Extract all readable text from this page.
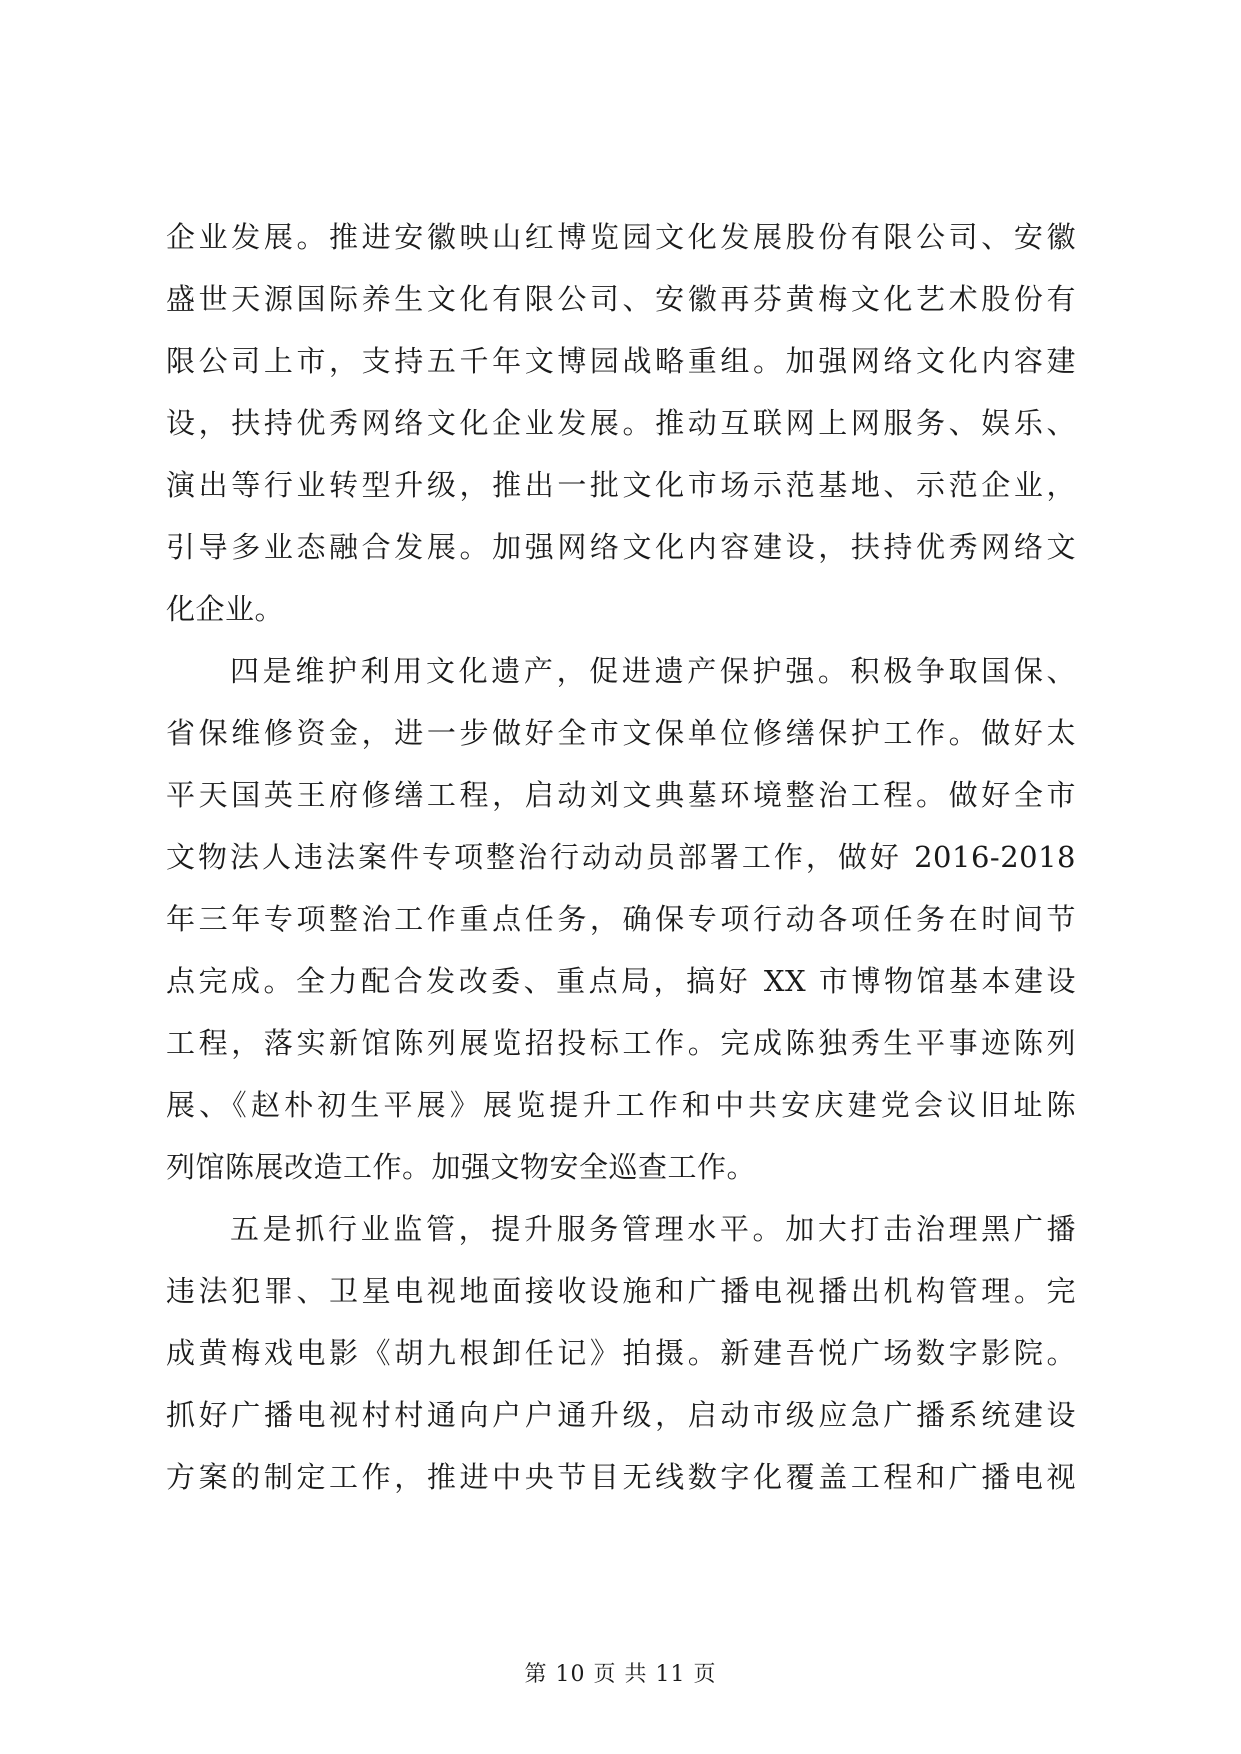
企业发展。推进安徽映山红博览园文化发展股份有限公司、安徽
盛世天源国际养生文化有限公司、安徽再芬黄梅文化艺术股份有
限公司上市，支持五千年文博园战略重组。加强网络文化内容建
设，扶持优秀网络文化企业发展。推动互联网上网服务、娱乐、
演出等行业转型升级，推出一批文化市场示范基地、示范企业，
引导多业态融合发展。加强网络文化内容建设，扶持优秀网络文
化企业。
四是维护利用文化遗产，促进遗产保护强。积极争取国保、
省保维修资金，进一步做好全市文保单位修缮保护工作。做好太
平天国英王府修缮工程，启动刘文典墓环境整治工程。做好全市
文物法人违法案件专项整治行动动员部署工作，做好 2016-2018
年三年专项整治工作重点任务，确保专项行动各项任务在时间节
点完成。全力配合发改委、重点局，搞好 XX 市博物馆基本建设
工程，落实新馆陈列展览招投标工作。完成陈独秀生平事迹陈列
展、《赵朴初生平展》展览提升工作和中共安庆建党会议旧址陈
列馆陈展改造工作。加强文物安全巡查工作。
五是抓行业监管，提升服务管理水平。加大打击治理黑广播
违法犯罪、卫星电视地面接收设施和广播电视播出机构管理。完
成黄梅戏电影《胡九根卸任记》拍摄。新建吾悦广场数字影院。
抓好广播电视村村通向户户通升级，启动市级应急广播系统建设
方案的制定工作，推进中央节目无线数字化覆盖工程和广播电视
第 10 页 共 11 页
